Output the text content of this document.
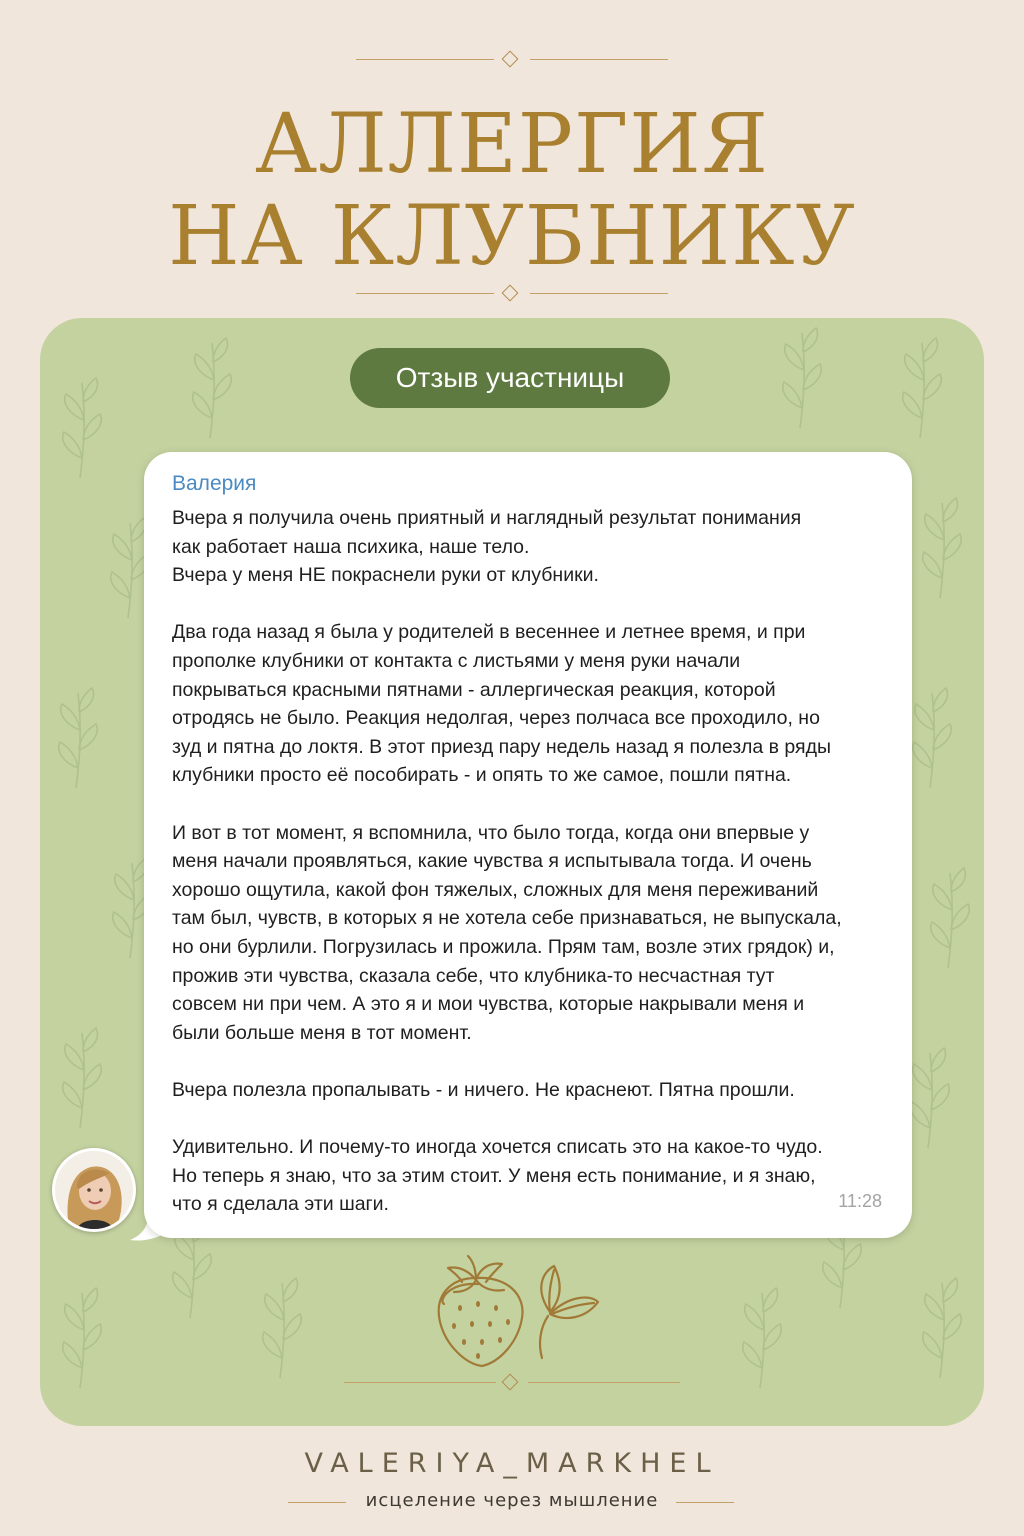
АЛЛЕРГИЯ
НА КЛУБНИКУ
Отзыв участницы
Валерия

Вчера я получила очень приятный и наглядный результат понимания
как работает наша психика, наше тело.
Вчера у меня НЕ покраснели руки от клубники.

Два года назад я была у родителей в весеннее и летнее время, и при
прополке клубники от контакта с листьями у меня руки начали
покрываться красными пятнами - аллергическая реакция, которой
отродясь не было. Реакция недолгая, через полчаса все проходило, но
зуд и пятна до локтя. В этот приезд пару недель назад я полезла в ряды
клубники просто её пособирать - и опять то же самое, пошли пятна.

И вот в тот момент, я вспомнила, что было тогда, когда они впервые у
меня начали проявляться, какие чувства я испытывала тогда. И очень
хорошо ощутила, какой фон тяжелых, сложных для меня переживаний
там был, чувств, в которых я не хотела себе признаваться, не выпускала,
но они бурлили. Погрузилась и прожила. Прям там, возле этих грядок) и,
прожив эти чувства, сказала себе, что клубника-то несчастная тут
совсем ни при чем. А это я и мои чувства, которые накрывали меня и
были больше меня в тот момент.

Вчера полезла пропалывать - и ничего. Не краснеют. Пятна прошли.

Удивительно. И почему-то иногда хочется списать это на какое-то чудо.
Но теперь я знаю, что за этим стоит. У меня есть понимание, и я знаю,
что я сделала эти шаги.	11:28
VALERIYA_MARKHEL
исцеление через мышление
